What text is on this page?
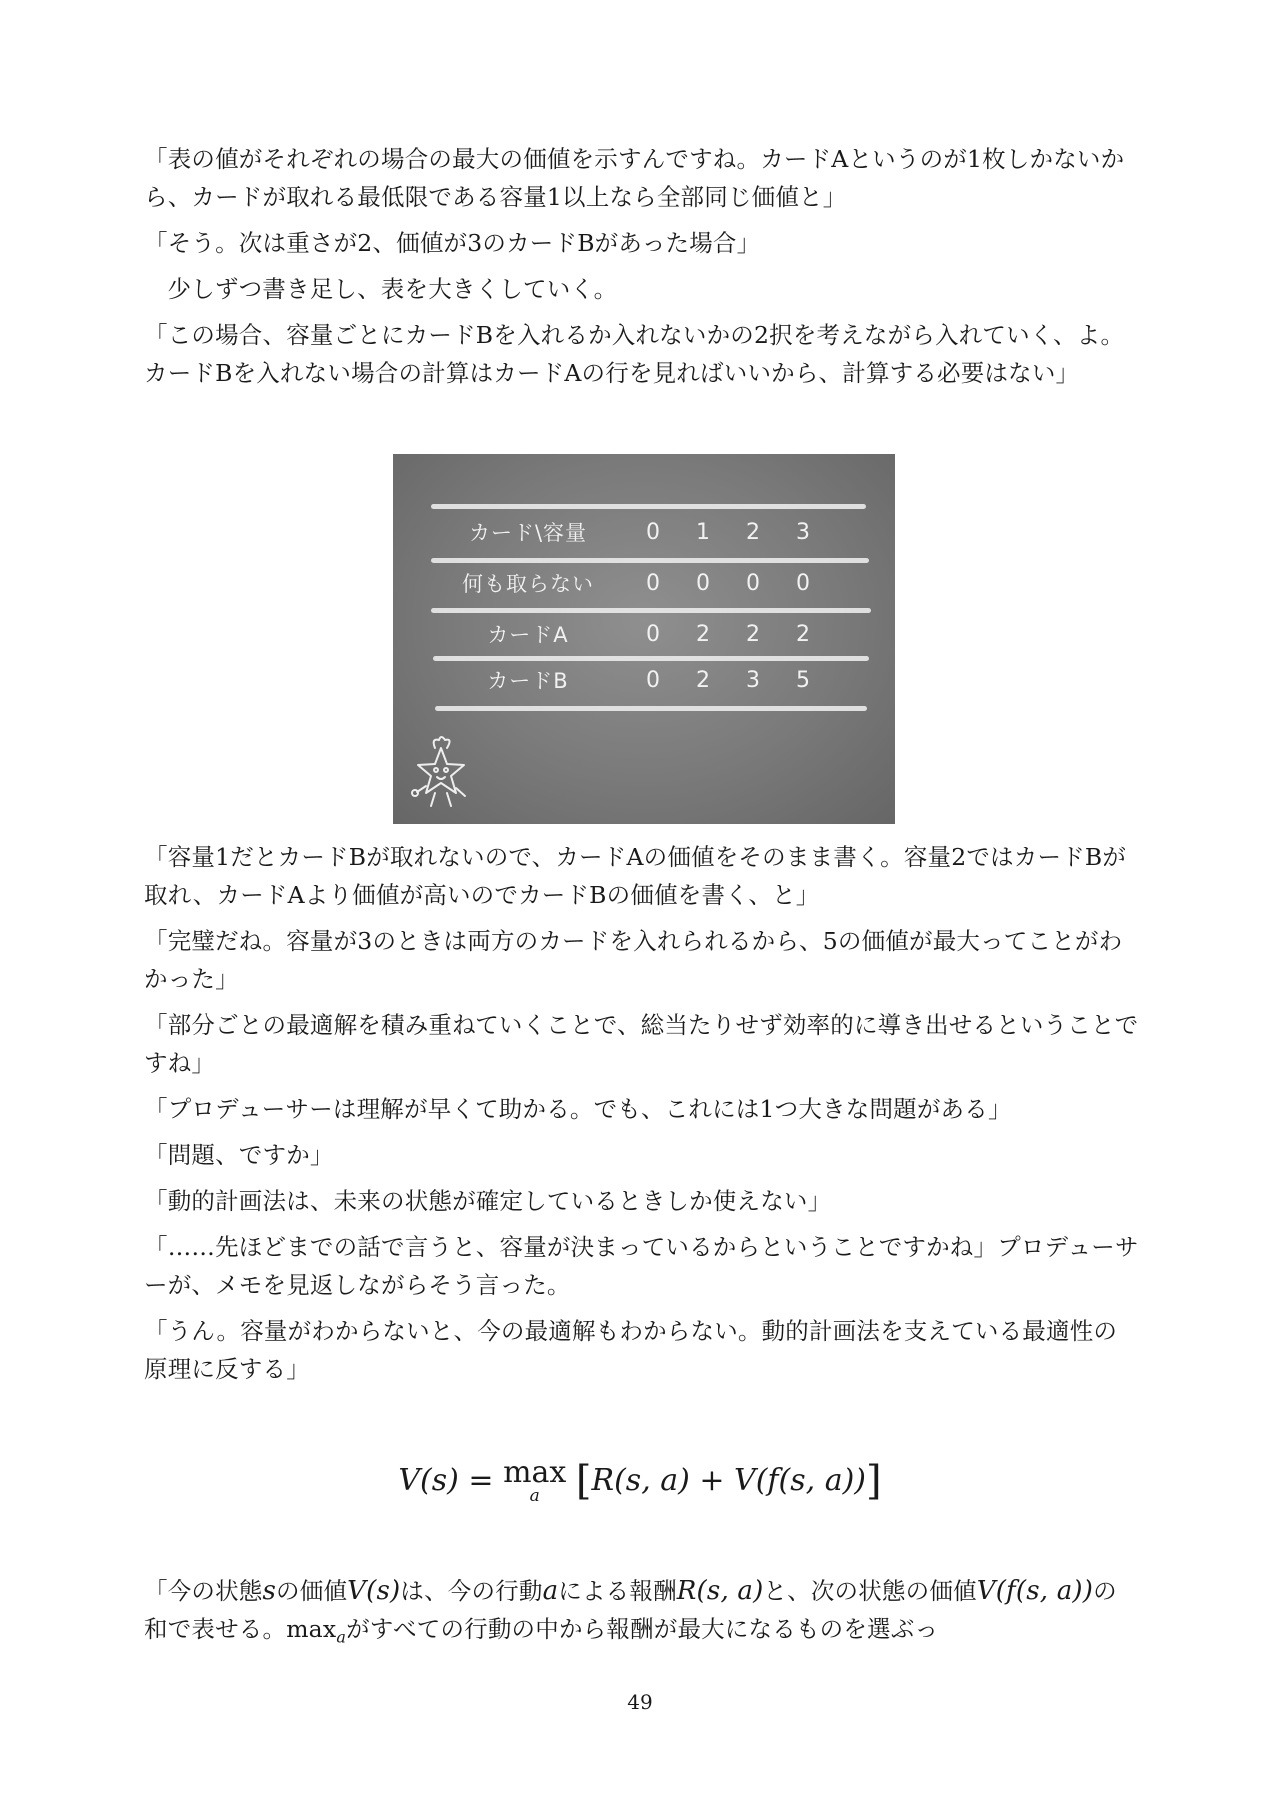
「表の値がそれぞれの場合の最大の価値を示すんですね。カードAというのが1枚しかないから、カードが取れる最低限である容量1以上なら全部同じ価値と」

「そう。次は重さが2、価値が3のカードBがあった場合」

少しずつ書き足し、表を大きくしていく。

「この場合、容量ごとにカードBを入れるか入れないかの2択を考えながら入れていく、よ。カードBを入れない場合の計算はカードAの行を見ればいいから、計算する必要はない」

カード\容量	0	1	2	3
何も取らない	0	0	0	0
カードA	0	2	2	2
カードB	0	2	3	5

「容量1だとカードBが取れないので、カードAの価値をそのまま書く。容量2ではカードBが取れ、カードAより価値が高いのでカードBの価値を書く、と」

「完璧だね。容量が3のときは両方のカードを入れられるから、5の価値が最大ってことがわかった」

「部分ごとの最適解を積み重ねていくことで、総当たりせず効率的に導き出せるということですね」

「プロデューサーは理解が早くて助かる。でも、これには1つ大きな問題がある」

「問題、ですか」

「動的計画法は、未来の状態が確定しているときしか使えない」

「……先ほどまでの話で言うと、容量が決まっているからということですかね」プロデューサーが、メモを見返しながらそう言った。

「うん。容量がわからないと、今の最適解もわからない。動的計画法を支えている最適性の原理に反する」

V(s) = max
a [R(s, a) + V(f(s, a))]

「今の状態sの価値V(s)は、今の行動aによる報酬R(s, a)と、次の状態の価値V(f(s, a))の和で表せる。$\max_a$がすべての行動の中から報酬が最大になるものを選ぶっ

49
